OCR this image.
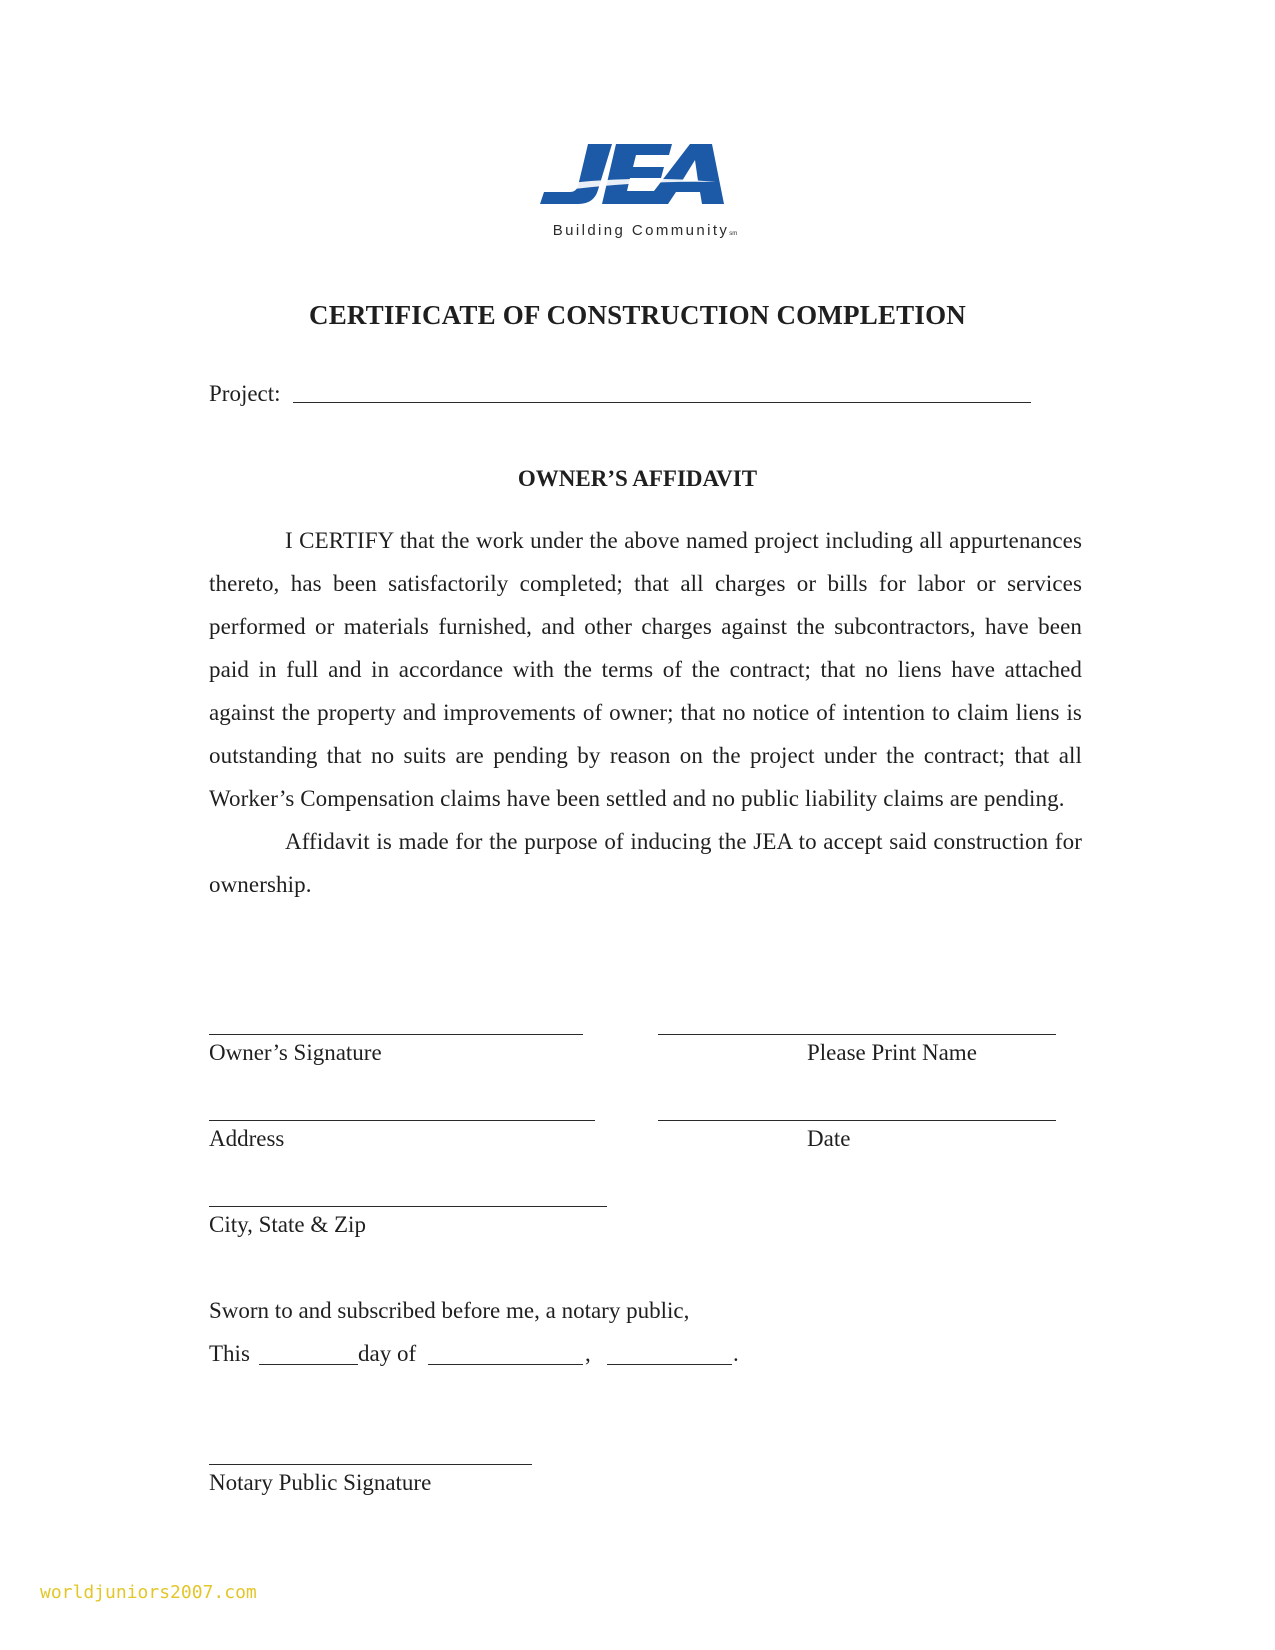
sm
Building Communitysm
CERTIFICATE OF CONSTRUCTION COMPLETION
Project:
OWNER’S AFFIDAVIT

I CERTIFY that the work under the above named project including all appurtenances thereto, has been satisfactorily completed; that all charges or bills for labor or services performed or materials furnished, and other charges against the subcontractors, have been paid in full and in accordance with the terms of the contract; that no liens have attached against the property and improvements of owner; that no notice of intention to claim liens is outstanding that no suits are pending by reason on the project under the contract; that all Worker’s Compensation claims have been settled and no public liability claims are pending.

Affidavit is made for the purpose of inducing the JEA to accept said construction for ownership.

Owner’s Signature	Please Print Name
Address	Date
City, State & Zip
Sworn to and subscribed before me, a notary public,
This	day of	,	.
Notary Public Signature
worldjuniors2007.com
